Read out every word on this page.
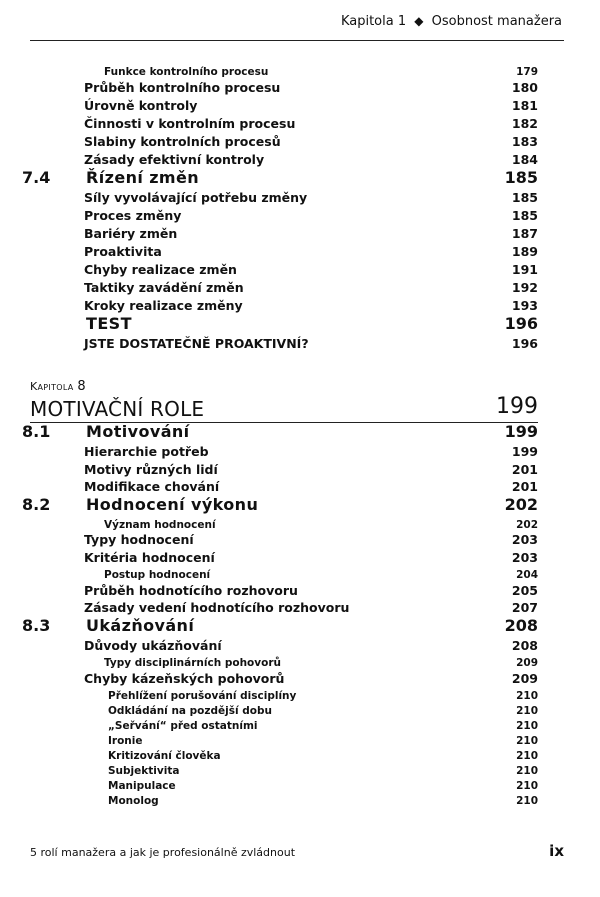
Kapitola 1 ◆ Osobnost manažera
Funkce kontrolního procesu	179
Průběh kontrolního procesu	180
Úrovně kontroly	181
Činnosti v kontrolním procesu	182
Slabiny kontrolních procesů	183
Zásady efektivní kontroly	184
7.4 Řízení změn	185
Síly vyvolávající potřebu změny	185
Proces změny	185
Bariéry změn	187
Proaktivita	189
Chyby realizace změn	191
Taktiky zavádění změn	192
Kroky realizace změny	193
TEST	196
JSTE DOSTATEČNĚ PROAKTIVNÍ?	196
Kapitola 8
MOTIVAČNÍ ROLE	199
8.1 Motivování	199
Hierarchie potřeb	199
Motivy různých lidí	201
Modifikace chování	201
8.2 Hodnocení výkonu	202
Význam hodnocení	202
Typy hodnocení	203
Kritéria hodnocení	203
Postup hodnocení	204
Průběh hodnotícího rozhovoru	205
Zásady vedení hodnotícího rozhovoru	207
8.3 Ukázňování	208
Důvody ukázňování	208
Typy disciplinárních pohovorů	209
Chyby kázeňských pohovorů	209
Přehlížení porušování disciplíny	210
Odkládání na pozdější dobu	210
„Seřvání“ před ostatními	210
Ironie	210
Kritizování člověka	210
Subjektivita	210
Manipulace	210
Monolog	210
5 rolí manažera a jak je profesionálně zvládnout	ix
